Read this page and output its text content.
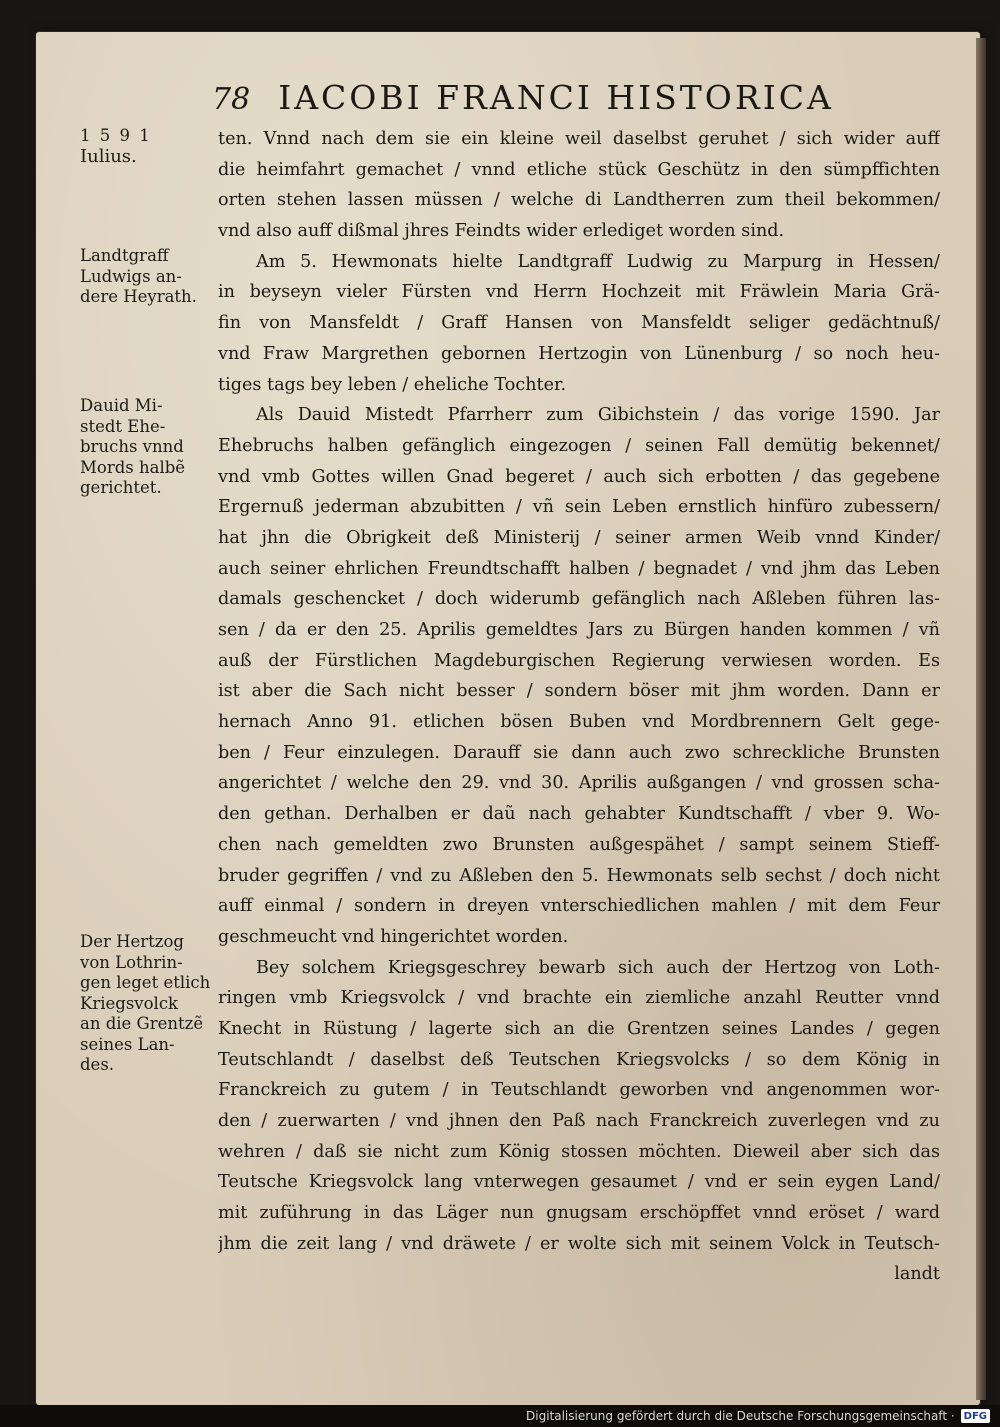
78 IACOBI FRANCI HISTORICA
1 5 9 1
Iulius.
Landtgraff
Ludwigs an-
dere Heyrath.
Dauid Mi-
stedt Ehe-
bruchs vnnd
Mords halbẽ
gerichtet.
Der Hertzog
von Lothrin-
gen leget etlich
Kriegsvolck
an die Grentzẽ
seines Lan-
des.
ten. Vnnd nach dem sie ein kleine weil daselbst geruhet / sich wider auff
die heimfahrt gemachet / vnnd etliche stück Geschütz in den sümpffichten
orten stehen lassen müssen / welche di Landtherren zum theil bekommen/
vnd also auff dißmal jhres Feindts wider erlediget worden sind.
Am 5. Hewmonats hielte Landtgraff Ludwig zu Marpurg in Hessen/
in beyseyn vieler Fürsten vnd Herrn Hochzeit mit Fräwlein Maria Grä-
fin von Mansfeldt / Graff Hansen von Mansfeldt seliger gedächtnuß/
vnd Fraw Margrethen gebornen Hertzogin von Lünenburg / so noch heu-
tiges tags bey leben / eheliche Tochter.
Als Dauid Mistedt Pfarrherr zum Gibichstein / das vorige 1590. Jar
Ehebruchs halben gefänglich eingezogen / seinen Fall demütig bekennet/
vnd vmb Gottes willen Gnad begeret / auch sich erbotten / das gegebene
Ergernuß jederman abzubitten / vñ sein Leben ernstlich hinfüro zubessern/
hat jhn die Obrigkeit deß Ministerij / seiner armen Weib vnnd Kinder/
auch seiner ehrlichen Freundtschafft halben / begnadet / vnd jhm das Leben
damals geschencket / doch widerumb gefänglich nach Aßleben führen las-
sen / da er den 25. Aprilis gemeldtes Jars zu Bürgen handen kommen / vñ
auß der Fürstlichen Magdeburgischen Regierung verwiesen worden. Es
ist aber die Sach nicht besser / sondern böser mit jhm worden. Dann er
hernach Anno 91. etlichen bösen Buben vnd Mordbrennern Gelt gege-
ben / Feur einzulegen. Darauff sie dann auch zwo schreckliche Brunsten
angerichtet / welche den 29. vnd 30. Aprilis außgangen / vnd grossen scha-
den gethan. Derhalben er daũ nach gehabter Kundtschafft / vber 9. Wo-
chen nach gemeldten zwo Brunsten außgespähet / sampt seinem Stieff-
bruder gegriffen / vnd zu Aßleben den 5. Hewmonats selb sechst / doch nicht
auff einmal / sondern in dreyen vnterschiedlichen mahlen / mit dem Feur
geschmeucht vnd hingerichtet worden.
Bey solchem Kriegsgeschrey bewarb sich auch der Hertzog von Loth-
ringen vmb Kriegsvolck / vnd brachte ein ziemliche anzahl Reutter vnnd
Knecht in Rüstung / lagerte sich an die Grentzen seines Landes / gegen
Teutschlandt / daselbst deß Teutschen Kriegsvolcks / so dem König in
Franckreich zu gutem / in Teutschlandt geworben vnd angenommen wor-
den / zuerwarten / vnd jhnen den Paß nach Franckreich zuverlegen vnd zu
wehren / daß sie nicht zum König stossen möchten. Dieweil aber sich das
Teutsche Kriegsvolck lang vnterwegen gesaumet / vnd er sein eygen Land/
mit zuführung in das Läger nun gnugsam erschöpffet vnnd eröset / ward
jhm die zeit lang / vnd dräwete / er wolte sich mit seinem Volck in Teutsch-
landt
Digitalisierung gefördert durch die Deutsche Forschungsgemeinschaft · DFG
